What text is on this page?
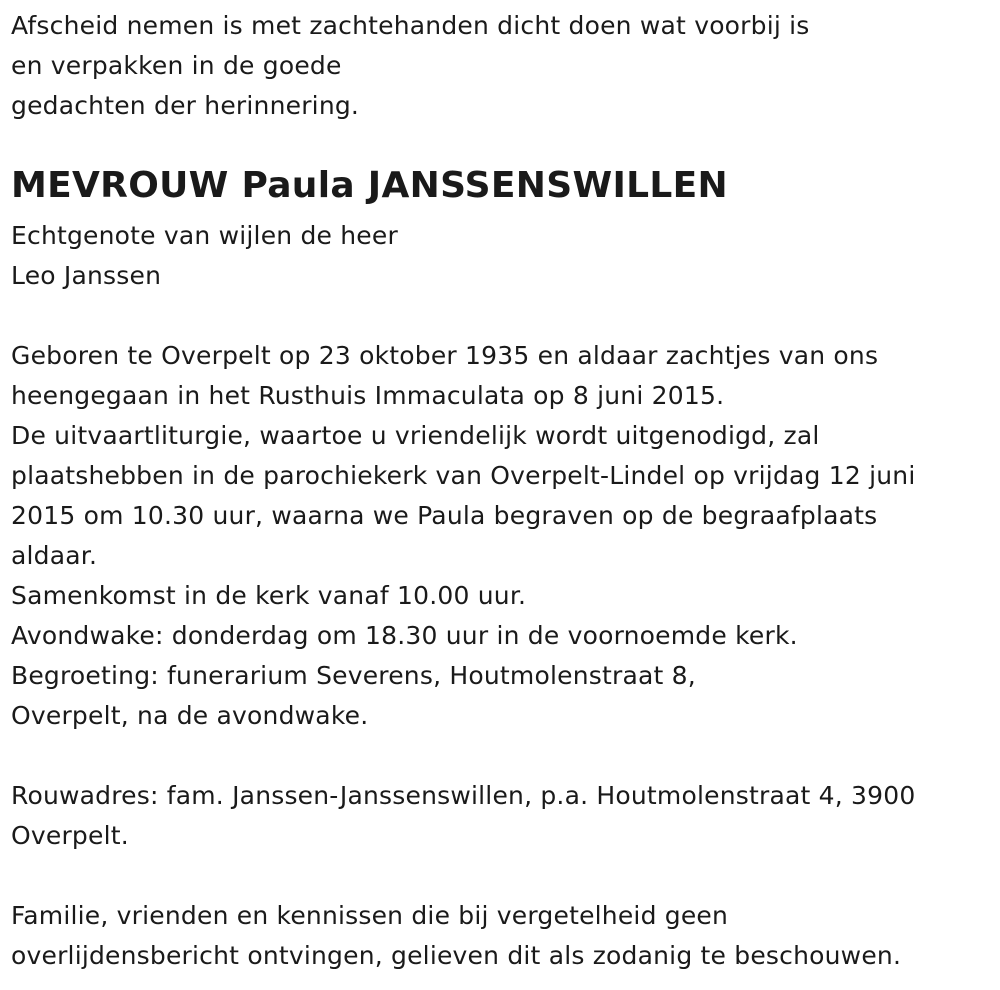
Afscheid nemen is met zachtehanden dicht doen wat voorbij is
en verpakken in de goede
gedachten der herinnering.
MEVROUW Paula JANSSENSWILLEN
Echtgenote van wijlen de heer
Leo Janssen
Geboren te Overpelt op 23 oktober 1935 en aldaar zachtjes van ons
heengegaan in het Rusthuis Immaculata op 8 juni 2015.
De uitvaartliturgie, waartoe u vriendelijk wordt uitgenodigd, zal
plaatshebben in de parochiekerk van Overpelt-Lindel op vrijdag 12 juni
2015 om 10.30 uur, waarna we Paula begraven op de begraafplaats
aldaar.
Samenkomst in de kerk vanaf 10.00 uur.
Avondwake: donderdag om 18.30 uur in de voornoemde kerk.
Begroeting: funerarium Severens, Houtmolenstraat 8,
Overpelt, na de avondwake.
Rouwadres: fam. Janssen-Janssenswillen, p.a. Houtmolenstraat 4, 3900
Overpelt.
Familie, vrienden en kennissen die bij vergetelheid geen
overlijdensbericht ontvingen, gelieven dit als zodanig te beschouwen.
